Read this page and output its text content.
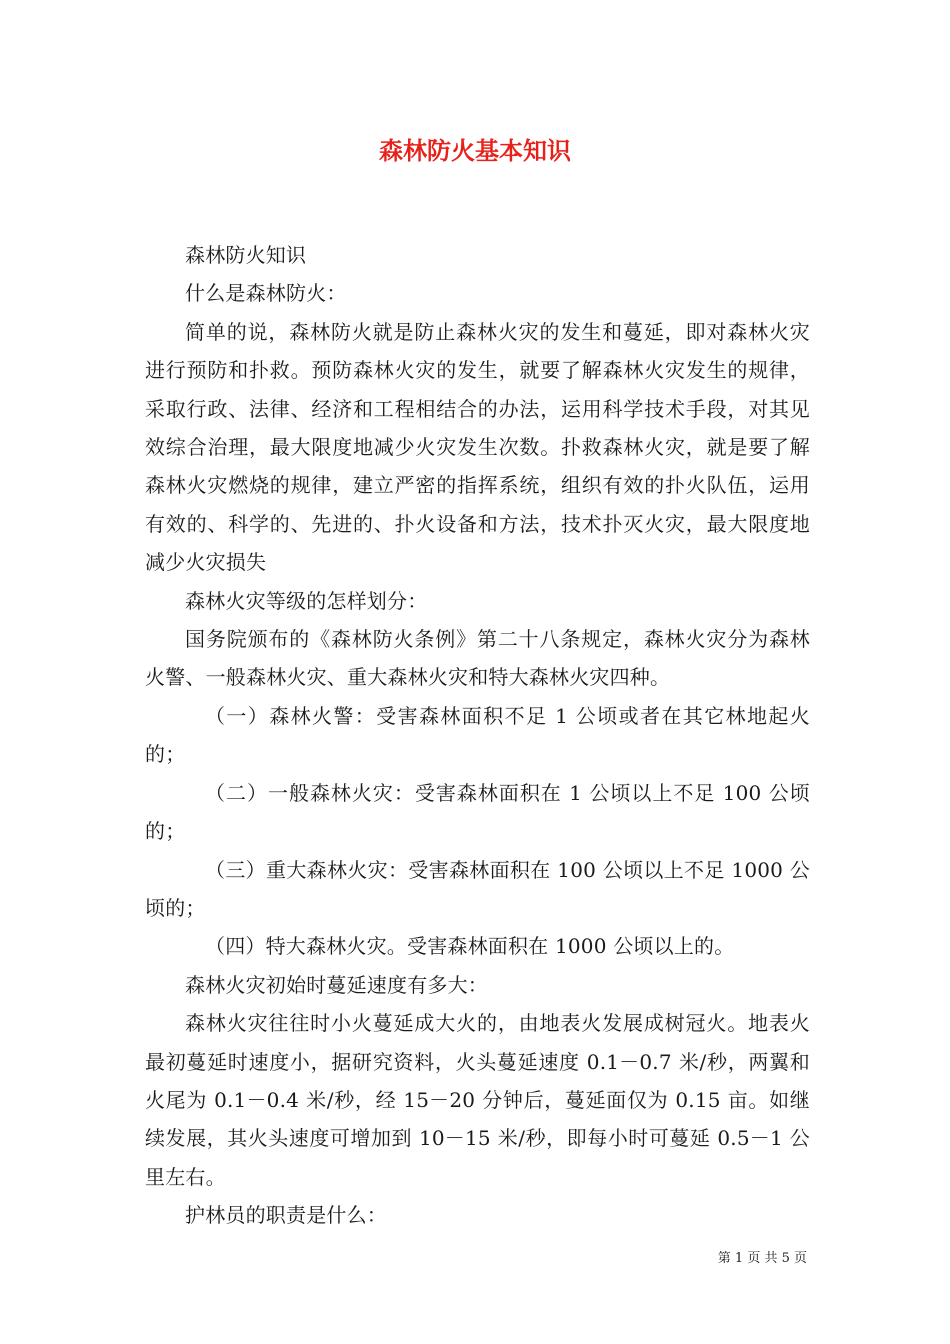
森林防火基本知识

森林防火知识

什么是森林防火：

简单的说，森林防火就是防止森林火灾的发生和蔓延，即对森林火灾进行预防和扑救。预防森林火灾的发生，就要了解森林火灾发生的规律，采取行政、法律、经济和工程相结合的办法，运用科学技术手段，对其见效综合治理，最大限度地减少火灾发生次数。扑救森林火灾，就是要了解森林火灾燃烧的规律，建立严密的指挥系统，组织有效的扑火队伍，运用有效的、科学的、先进的、扑火设备和方法，技术扑灭火灾，最大限度地减少火灾损失

森林火灾等级的怎样划分：

国务院颁布的《森林防火条例》第二十八条规定，森林火灾分为森林火警、一般森林火灾、重大森林火灾和特大森林火灾四种。

（一）森林火警：受害森林面积不足 1 公顷或者在其它林地起火的；

（二）一般森林火灾：受害森林面积在 1 公顷以上不足 100 公顷的；

（三）重大森林火灾：受害森林面积在 100 公顷以上不足 1000 公顷的；

（四）特大森林火灾。受害森林面积在 1000 公顷以上的。

森林火灾初始时蔓延速度有多大：

森林火灾往往时小火蔓延成大火的，由地表火发展成树冠火。地表火最初蔓延时速度小，据研究资料，火头蔓延速度 0.1－0.7 米/秒，两翼和火尾为 0.1－0.4 米/秒，经 15－20 分钟后，蔓延面仅为 0.15 亩。如继续发展，其火头速度可增加到 10－15 米/秒，即每小时可蔓延 0.5－1 公里左右。

护林员的职责是什么：

第 1 页 共 5 页
